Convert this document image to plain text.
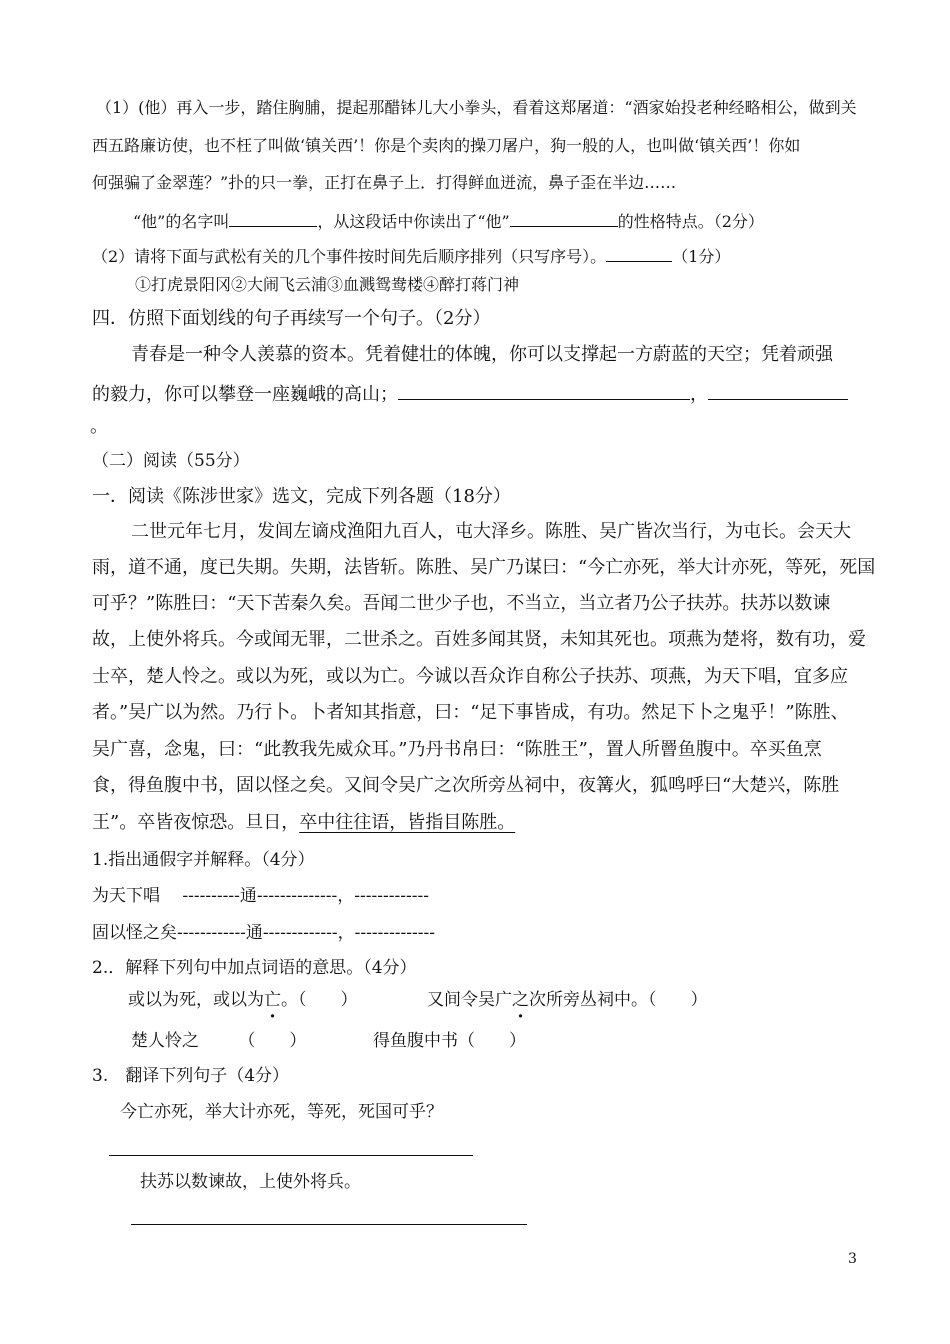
（1）(他）再入一步，踏住胸脯，提起那醋钵儿大小拳头，看着这郑屠道：“酒家始投老种经略相公，做到关
西五路廉访使，也不枉了叫做‘镇关西’！你是个卖肉的操刀屠户，狗一般的人，也叫做‘镇关西’！你如
何强骗了金翠莲？”扑的只一拳，正打在鼻子上．打得鲜血迸流，鼻子歪在半边……
“他”的名字叫	，从这段话中你读出了“他”	的性格特点。（2分）
（2）请将下面与武松有关的几个事件按时间先后顺序排列（只写序号）。	（1分）
①打虎景阳冈②大闹飞云浦③血溅鸳鸯楼④醉打蒋门神
四．仿照下面划线的句子再续写一个句子。（2分）
青春是一种令人羡慕的资本。凭着健壮的体魄，你可以支撑起一方蔚蓝的天空；凭着顽强
的毅力，你可以攀登一座巍峨的高山；	，
。
（二）阅读（55分）
一．阅读《陈涉世家》选文，完成下列各题（18分）
二世元年七月，发闾左谪戍渔阳九百人，屯大泽乡。陈胜、吴广皆次当行，为屯长。会天大
雨，道不通，度已失期。失期，法皆斩。陈胜、吴广乃谋曰：“今亡亦死，举大计亦死，等死，死国
可乎？”陈胜曰：“天下苦秦久矣。吾闻二世少子也，不当立，当立者乃公子扶苏。扶苏以数谏
故，上使外将兵。今或闻无罪，二世杀之。百姓多闻其贤，未知其死也。项燕为楚将，数有功，爱
士卒，楚人怜之。或以为死，或以为亡。今诚以吾众诈自称公子扶苏、项燕，为天下唱，宜多应
者。”吴广以为然。乃行卜。卜者知其指意，曰：“足下事皆成，有功。然足下卜之鬼乎！”陈胜、
吴广喜，念鬼，曰：“此教我先威众耳。”乃丹书帛曰：“陈胜王”，置人所罾鱼腹中。卒买鱼烹
食，得鱼腹中书，固以怪之矣。又间令吴广之次所旁丛祠中，夜篝火，狐鸣呼曰“大楚兴，陈胜
王”。卒皆夜惊恐。旦日，卒中往往语，皆指目陈胜。
1.指出通假字并解释。（4分）
为天下唱　 ----------通--------------，-------------
固以怪之矣------------通-------------，--------------
2.．解释下列句中加点词语的意思。（4分）
或以为死，或以为亡。（　　）	又间令吴广之次所旁丛祠中。（　　）
楚人怜之　　 （　　）	得鱼腹中书（　　）
3.　翻译下列句子（4分）
今亡亦死，举大计亦死，等死，死国可乎？
扶苏以数谏故，上使外将兵。
3
